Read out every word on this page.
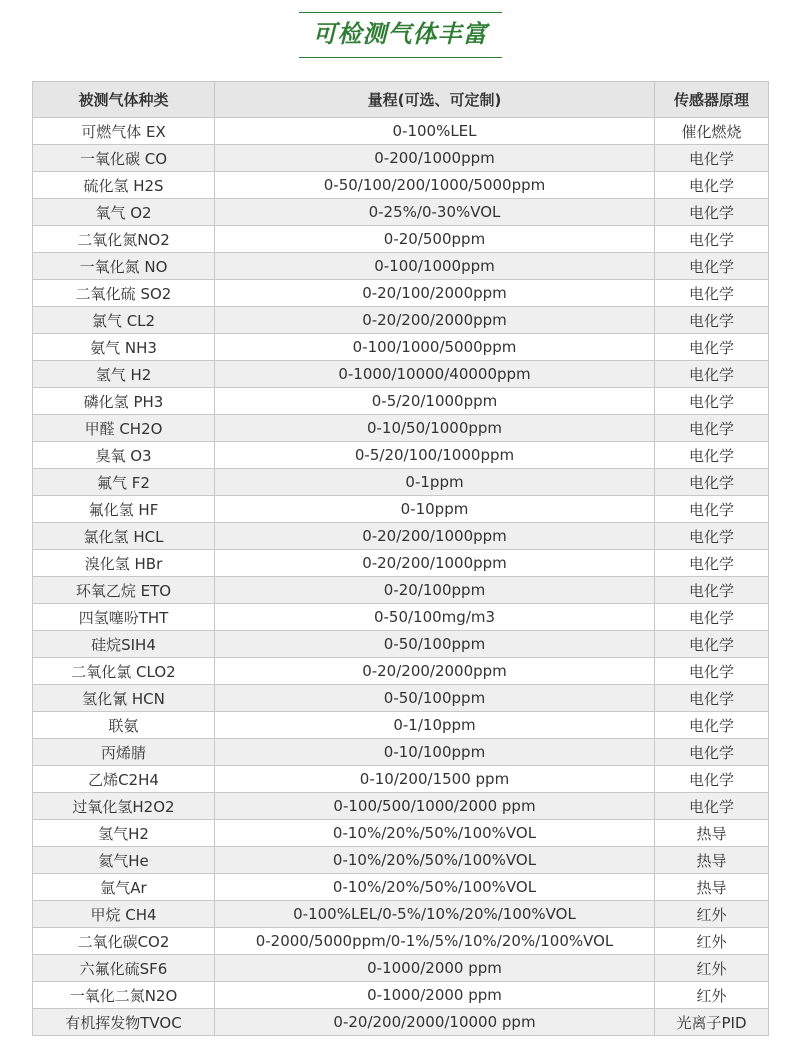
可检测气体丰富
被测气体种类	量程(可选、可定制)	传感器原理
可燃气体 EX	0-100%LEL	催化燃烧
一氧化碳 CO	0-200/1000ppm	电化学
硫化氢 H2S	0-50/100/200/1000/5000ppm	电化学
氧气 O2	0-25%/0-30%VOL	电化学
二氧化氮NO2	0-20/500ppm	电化学
一氧化氮 NO	0-100/1000ppm	电化学
二氧化硫 SO2	0-20/100/2000ppm	电化学
氯气 CL2	0-20/200/2000ppm	电化学
氨气 NH3	0-100/1000/5000ppm	电化学
氢气 H2	0-1000/10000/40000ppm	电化学
磷化氢 PH3	0-5/20/1000ppm	电化学
甲醛 CH2O	0-10/50/1000ppm	电化学
臭氧 O3	0-5/20/100/1000ppm	电化学
氟气 F2	0-1ppm	电化学
氟化氢 HF	0-10ppm	电化学
氯化氢 HCL	0-20/200/1000ppm	电化学
溴化氢 HBr	0-20/200/1000ppm	电化学
环氧乙烷 ETO	0-20/100ppm	电化学
四氢噻吩THT	0-50/100mg/m3	电化学
硅烷SIH4	0-50/100ppm	电化学
二氧化氯 CLO2	0-20/200/2000ppm	电化学
氢化氰 HCN	0-50/100ppm	电化学
联氨	0-1/10ppm	电化学
丙烯腈	0-10/100ppm	电化学
乙烯C2H4	0-10/200/1500 ppm	电化学
过氧化氢H2O2	0-100/500/1000/2000 ppm	电化学
氢气H2	0-10%/20%/50%/100%VOL	热导
氦气He	0-10%/20%/50%/100%VOL	热导
氩气Ar	0-10%/20%/50%/100%VOL	热导
甲烷 CH4	0-100%LEL/0-5%/10%/20%/100%VOL	红外
二氧化碳CO2	0-2000/5000ppm/0-1%/5%/10%/20%/100%VOL	红外
六氟化硫SF6	0-1000/2000 ppm	红外
一氧化二氮N2O	0-1000/2000 ppm	红外
有机挥发物TVOC	0-20/200/2000/10000 ppm	光离子PID
